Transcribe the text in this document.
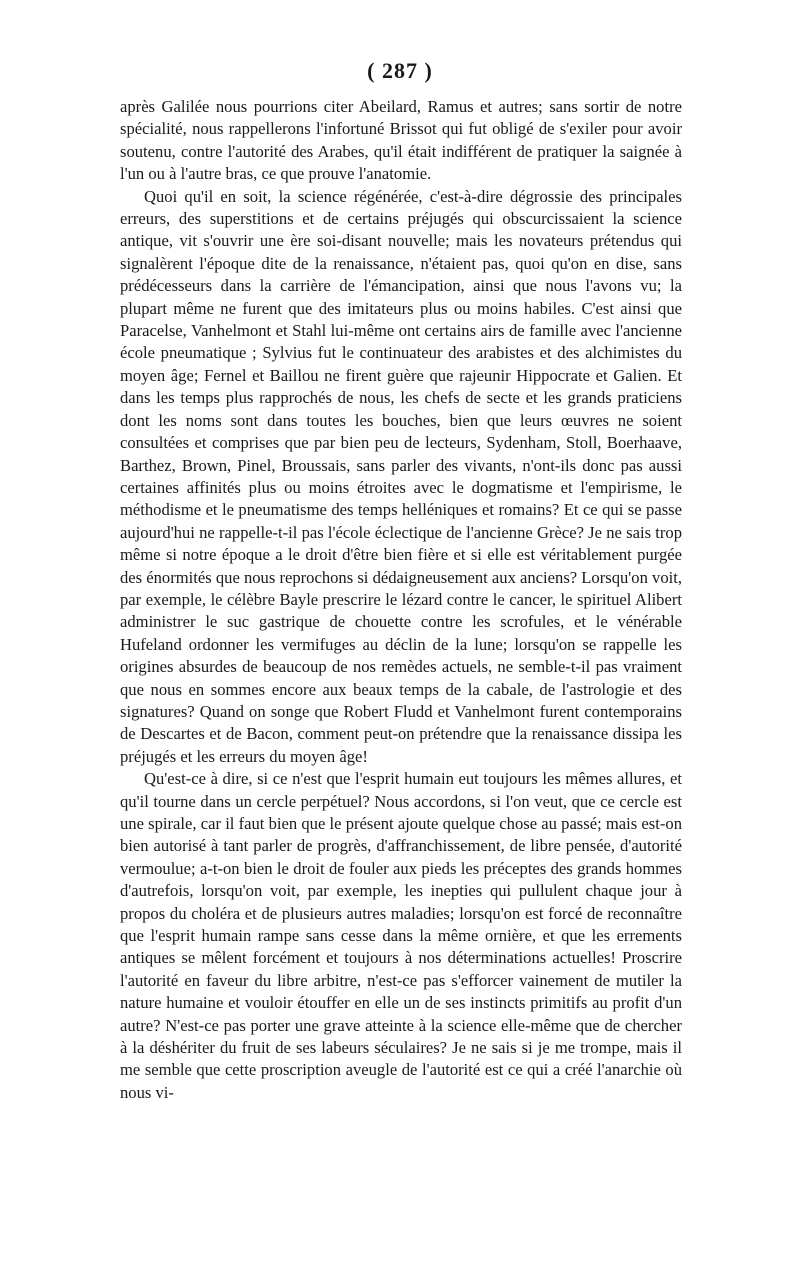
( 287 )

après Galilée nous pourrions citer Abeilard, Ramus et autres; sans sortir de notre spécialité, nous rappellerons l'infortuné Brissot qui fut obligé de s'exiler pour avoir soutenu, contre l'autorité des Arabes, qu'il était indifférent de pratiquer la saignée à l'un ou à l'autre bras, ce que prouve l'anatomie.

Quoi qu'il en soit, la science régénérée, c'est-à-dire dégrossie des principales erreurs, des superstitions et de certains préjugés qui obscurcissaient la science antique, vit s'ouvrir une ère soi-disant nouvelle; mais les novateurs prétendus qui signalèrent l'époque dite de la renaissance, n'étaient pas, quoi qu'on en dise, sans prédécesseurs dans la carrière de l'émancipation, ainsi que nous l'avons vu; la plupart même ne furent que des imitateurs plus ou moins habiles. C'est ainsi que Paracelse, Vanhelmont et Stahl lui-même ont certains airs de famille avec l'ancienne école pneumatique ; Sylvius fut le continuateur des arabistes et des alchimistes du moyen âge; Fernel et Baillou ne firent guère que rajeunir Hippocrate et Galien. Et dans les temps plus rapprochés de nous, les chefs de secte et les grands praticiens dont les noms sont dans toutes les bouches, bien que leurs œuvres ne soient consultées et comprises que par bien peu de lecteurs, Sydenham, Stoll, Boerhaave, Barthez, Brown, Pinel, Broussais, sans parler des vivants, n'ont-ils donc pas aussi certaines affinités plus ou moins étroites avec le dogmatisme et l'empirisme, le méthodisme et le pneumatisme des temps helléniques et romains? Et ce qui se passe aujourd'hui ne rappelle-t-il pas l'école éclectique de l'ancienne Grèce? Je ne sais trop même si notre époque a le droit d'être bien fière et si elle est véritablement purgée des énormités que nous reprochons si dédaigneusement aux anciens? Lorsqu'on voit, par exemple, le célèbre Bayle prescrire le lézard contre le cancer, le spirituel Alibert administrer le suc gastrique de chouette contre les scrofules, et le vénérable Hufeland ordonner les vermifuges au déclin de la lune; lorsqu'on se rappelle les origines absurdes de beaucoup de nos remèdes actuels, ne semble-t-il pas vraiment que nous en sommes encore aux beaux temps de la cabale, de l'astrologie et des signatures? Quand on songe que Robert Fludd et Vanhelmont furent contemporains de Descartes et de Bacon, comment peut-on prétendre que la renaissance dissipa les préjugés et les erreurs du moyen âge!

Qu'est-ce à dire, si ce n'est que l'esprit humain eut toujours les mêmes allures, et qu'il tourne dans un cercle perpétuel? Nous accordons, si l'on veut, que ce cercle est une spirale, car il faut bien que le présent ajoute quelque chose au passé; mais est-on bien autorisé à tant parler de progrès, d'affranchissement, de libre pensée, d'autorité vermoulue; a-t-on bien le droit de fouler aux pieds les préceptes des grands hommes d'autrefois, lorsqu'on voit, par exemple, les inepties qui pullulent chaque jour à propos du choléra et de plusieurs autres maladies; lorsqu'on est forcé de reconnaître que l'esprit humain rampe sans cesse dans la même ornière, et que les errements antiques se mêlent forcément et toujours à nos déterminations actuelles! Proscrire l'autorité en faveur du libre arbitre, n'est-ce pas s'efforcer vainement de mutiler la nature humaine et vouloir étouffer en elle un de ses instincts primitifs au profit d'un autre? N'est-ce pas porter une grave atteinte à la science elle-même que de chercher à la déshériter du fruit de ses labeurs séculaires? Je ne sais si je me trompe, mais il me semble que cette proscription aveugle de l'autorité est ce qui a créé l'anarchie où nous vi-
